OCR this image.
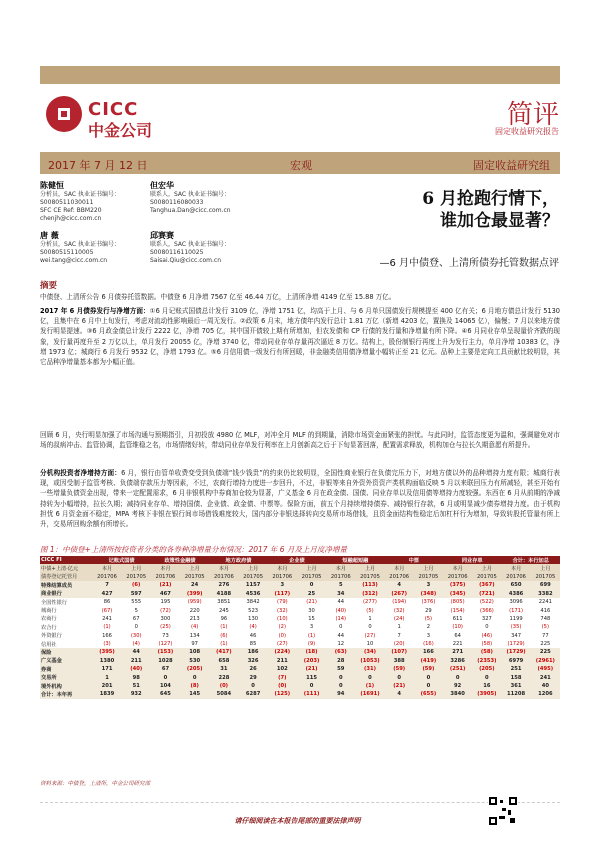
CICC
中金公司
简评
固定收益研究报告
2017 年 7 月 12 日	宏观	固定收益研究组
陈健恒
分析员，SAC 执业证书编号：
S0080511030011
SFC CE Ref: BBM220
chenjh@cicc.com.cn
但宏华
联系人，SAC 执业证书编号：
S0080116080033
Tanghua.Dan@cicc.com.cn
唐 薇
分析员，SAC 执业证书编号：
S0080515110005
wei.tang@cicc.com.cn
邱赛赛
联系人，SAC 执业证书编号：
S0080116110025
Saisai.Qiu@cicc.com.cn
6 月抢跑行情下，
谁加仓最显著？
—6 月中债登、上清所债券托管数据点评
摘要
中债登、上清所公告 6 月债券托管数据。中债登 6 月净增 7567 亿至 46.44 万亿，上清所净增 4149 亿至 15.88 万亿。
2017 年 6 月债券发行与净增方面：①6 月记账式国债总计发行 3109 亿，净增 1751 亿，均高于上月、与 6 月单只国债发行规模提至 400 亿有关；6 月地方债总计发行 5130 亿，且集中在 6 月中上旬发行，考虑对流动性影响最后一周无发行。②政策 6 月末，地方债年内发行总计 1.81 万亿（新增 4203 亿，置换及 14065 亿），偏慢；7 月以来地方债发行明显提速。③6 月政金债总计发行 2222 亿，净增 705 亿，其中国开债较上期有所增加，但农发债和 CP 行债的发行量和净增量有所下降。④6 月同业存单呈现量价齐跌的现象，发行量再度升至 2 万亿以上，单月发行 20055 亿，净增 3740 亿，带动同业存单存量再次逼近 8 万亿。结构上，股份制银行再度上升为发行主力，单月净增 10383 亿，净增 1973 亿；城商行 6 月发行 9532 亿，净增 1793 亿。⑤6 月信用债一级发行有所回暖，非金融类信用债净增量小幅转正至 21 亿元。品种上主要是定向工具贡献比较明显，其它品种净增量基本都为小幅正值。
回顾 6 月，央行明显加强了市场沟通与预期指引，月初投放 4980 亿 MLF，对冲全月 MLF 的到期量，消除市场资金面紧张的担忧。与此同时，监管态度更为温和，强调避免对市场的叔病冲击、监管协调，监管维稳之名，市场情绪好转，带动同业存单发行利率在上月创新高之后于下旬显著回落，配置需求释放，机构加仓与拉长久期意愿有所提升。
分机构投资者净增持方面：6 月，银行由管单收费变受到负债端“钱少钱贵”的约束仍比较明显，全国性商业银行在负债完压力下，对地方债以外的品种增持力度有限；城商行表现，或因受制于监管考核、负债端存款压力等因素，不过，农商行增持力度进一步回升，不过，非银等来自外资外资资产类机构面临反映 5 月以来联回压力有所减轻，甚至开始有一些增量负债资金出现，带来一定配置需求，6 月非银机构中券商加仓较为显著，广义基金 6 月在政金债、国债、同业存单以及信用债等增持力度较强。东西在 6 月从前期的净减持转为小幅增持，拉长久期；减持同业存单、增持国债、企业债、政金债、中票等。保险方面，前五个月持续增持债券、减持银行存款，6 月或明显减少债券增持力度。由于机构担忧 6 月资金面不稳定，MPA 考核下非银在银行间市场借钱难度较大，国内部分非银选择转向交易所市场借钱，且资金面结构性稳定后加杠杆行为增加，导致转股托管量有所上升，交易所回购余额有所增长。
图 1：中债登+上清所按投资者分类的各券种净增量分布情况：2017 年 6 月及上月度净增量
CICC FI	记账式国债		政策性金融债		地方政府债		企业债		短融超短融		中票		同业存单		合计：本行加总	
中债+上清·亿元	本月	上月	本月	上月	本月	上月	本月	上月	本月	上月	本月	上月	本月	上月	本月	上月
债券登记托管月	201706	201705	201706	201705	201706	201705	201706	201705	201706	201705	201706	201705	201706	201705	201706	201705
特殊结算成员	7	(6)	(21)	24	276	1157	3	0	5	(113)	4	3	(375)	(367)	650	699
商业银行	427	597	467	(399)	4188	4536	(117)	25	34	(312)	(267)	(348)	(345)	(721)	4386	3382
全国性银行	86	555	195	(959)	3851	3842	(79)	(21)	44	(277)	(194)	(376)	(805)	(522)	3096	2241
城商行	(67)	5	(72)	220	245	523	(32)	30	(40)	(5)	(32)	29	(154)	(366)	(171)	416
农商行	241	67	300	213	96	130	(10)	15	(14)	1	(24)	(5)	611	327	1199	748
农合行	(1)	0	(25)	(4)	(1)	(4)	(2)	3	0	0	1	2	(10)	0	(35)	(5)
外资银行	166	(30)	73	134	(6)	46	(0)	(1)	44	(27)	7	3	64	(46)	347	77
信用社	(3)	(4)	(127)	97	(1)	85	(27)	(9)	12	10	(20)	(16)	221	(58)	(1729)	225
保险	(395)	44	(153)	108	(417)	186	(224)	(18)	(63)	(34)	(107)	166	271	(58)	(1729)	225
广义基金	1380	211	1028	530	658	326	211	(203)	28	(1053)	388	(419)	3286	(2353)	6979	(2961)
券商	171	(40)	67	(205)	31	26	102	(21)	59	(31)	(59)	(59)	(251)	(205)	251	(495)
交易所	1	98	0	0	228	29	(7)	115	0	0	0	0	0	0	158	241
境外机构	201	51	104	(8)	(0)	0	(0)	0	0	(1)	(21)	0	92	16	361	40
合计：本年再	1839	932	645	145	5084	6287	(125)	(111)	94	(1691)	4	(655)	3840	(3905)	11208	1206
资料来源：中债登，上清所，中金公司研究部
请仔细阅读在本报告尾部的重要法律声明
